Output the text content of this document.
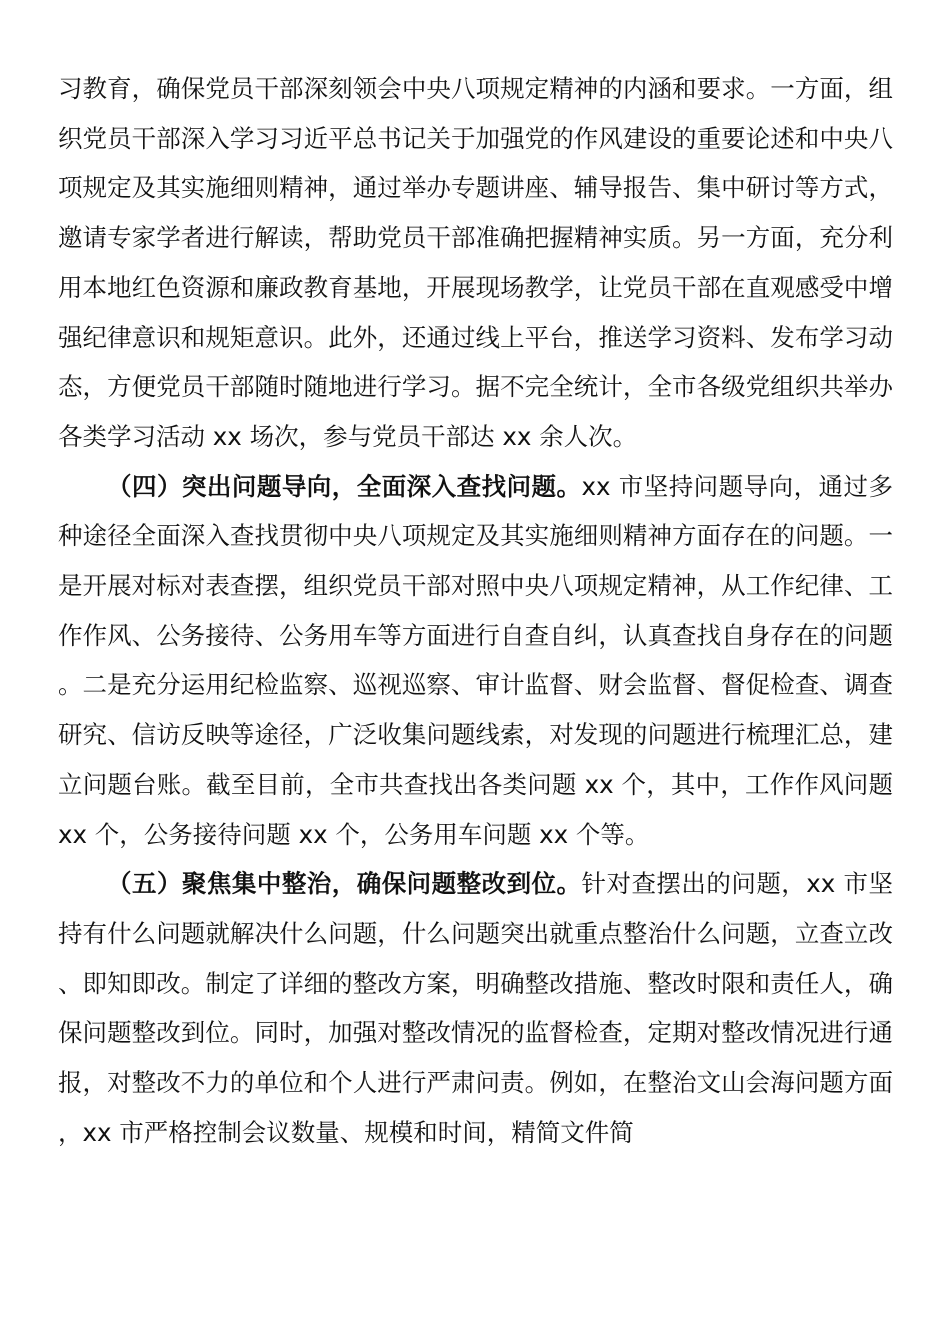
习教育，确保党员干部深刻领会中央八项规定精神的内涵和要求。一方面，组织党员干部深入学习习近平总书记关于加强党的作风建设的重要论述和中央八项规定及其实施细则精神，通过举办专题讲座、辅导报告、集中研讨等方式，邀请专家学者进行解读，帮助党员干部准确把握精神实质。另一方面，充分利用本地红色资源和廉政教育基地，开展现场教学，让党员干部在直观感受中增强纪律意识和规矩意识。此外，还通过线上平台，推送学习资料、发布学习动态，方便党员干部随时随地进行学习。据不完全统计，全市各级党组织共举办各类学习活动 xx 场次，参与党员干部达 xx 余人次。

（四）突出问题导向，全面深入查找问题。xx 市坚持问题导向，通过多种途径全面深入查找贯彻中央八项规定及其实施细则精神方面存在的问题。一是开展对标对表查摆，组织党员干部对照中央八项规定精神，从工作纪律、工作作风、公务接待、公务用车等方面进行自查自纠，认真查找自身存在的问题。二是充分运用纪检监察、巡视巡察、审计监督、财会监督、督促检查、调查研究、信访反映等途径，广泛收集问题线索，对发现的问题进行梳理汇总，建立问题台账。截至目前，全市共查找出各类问题 xx 个，其中，工作作风问题 xx 个，公务接待问题 xx 个，公务用车问题 xx 个等。

（五）聚焦集中整治，确保问题整改到位。针对查摆出的问题，xx 市坚持有什么问题就解决什么问题，什么问题突出就重点整治什么问题，立查立改、即知即改。制定了详细的整改方案，明确整改措施、整改时限和责任人，确保问题整改到位。同时，加强对整改情况的监督检查，定期对整改情况进行通报，对整改不力的单位和个人进行严肃问责。例如，在整治文山会海问题方面，xx 市严格控制会议数量、规模和时间，精简文件简
